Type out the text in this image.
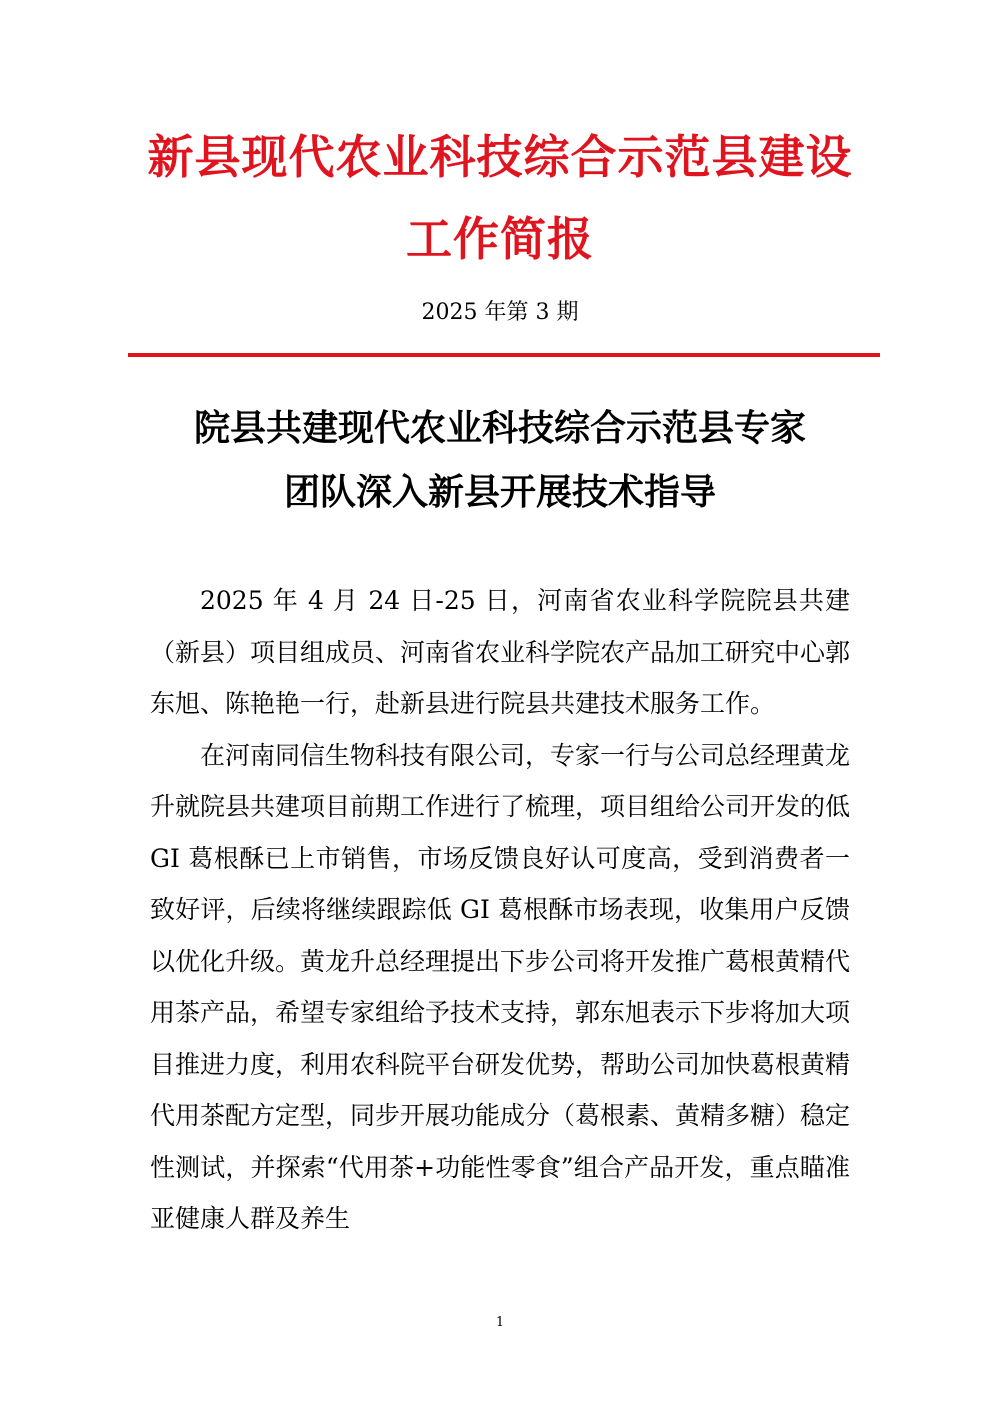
新县现代农业科技综合示范县建设
工作简报
2025 年第 3 期
院县共建现代农业科技综合示范县专家
团队深入新县开展技术指导

2025 年 4 月 24 日-25 日，河南省农业科学院院县共建（新县）项目组成员、河南省农业科学院农产品加工研究中心郭东旭、陈艳艳一行，赴新县进行院县共建技术服务工作。

在河南同信生物科技有限公司，专家一行与公司总经理黄龙升就院县共建项目前期工作进行了梳理，项目组给公司开发的低 GI 葛根酥已上市销售，市场反馈良好认可度高，受到消费者一致好评，后续将继续跟踪低 GI 葛根酥市场表现，收集用户反馈以优化升级。黄龙升总经理提出下步公司将开发推广葛根黄精代用茶产品，希望专家组给予技术支持，郭东旭表示下步将加大项目推进力度，利用农科院平台研发优势，帮助公司加快葛根黄精代用茶配方定型，同步开展功能成分（葛根素、黄精多糖）稳定性测试，并探索“代用茶+功能性零食”组合产品开发，重点瞄准亚健康人群及养生

1
